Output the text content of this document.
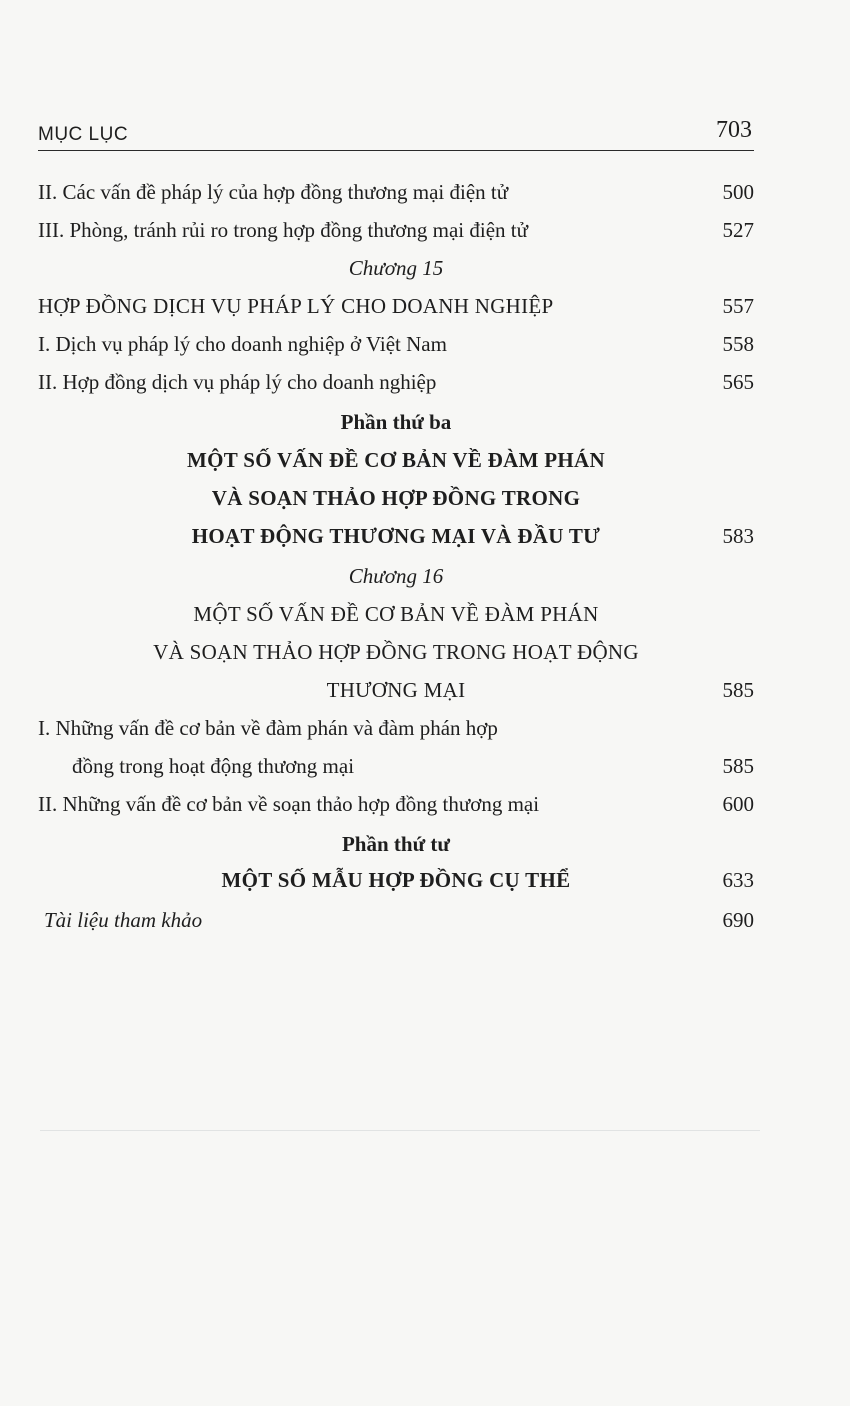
MỤC LỤC	703
II. Các vấn đề pháp lý của hợp đồng thương mại điện tử	500
III. Phòng, tránh rủi ro trong hợp đồng thương mại điện tử	527
Chương 15
HỢP ĐỒNG DỊCH VỤ PHÁP LÝ CHO DOANH NGHIỆP	557
I. Dịch vụ pháp lý cho doanh nghiệp ở Việt Nam	558
II. Hợp đồng dịch vụ pháp lý cho doanh nghiệp	565
Phần thứ ba
MỘT SỐ VẤN ĐỀ CƠ BẢN VỀ ĐÀM PHÁN
VÀ SOẠN THẢO HỢP ĐỒNG TRONG
HOẠT ĐỘNG THƯƠNG MẠI VÀ ĐẦU TƯ	583
Chương 16
MỘT SỐ VẤN ĐỀ CƠ BẢN VỀ ĐÀM PHÁN
VÀ SOẠN THẢO HỢP ĐỒNG TRONG HOẠT ĐỘNG
THƯƠNG MẠI	585
I. Những vấn đề cơ bản về đàm phán và đàm phán hợp
đồng trong hoạt động thương mại	585
II. Những vấn đề cơ bản về soạn thảo hợp đồng thương mại	600
Phần thứ tư
MỘT SỐ MẪU HỢP ĐỒNG CỤ THỂ	633
Tài liệu tham khảo	690
